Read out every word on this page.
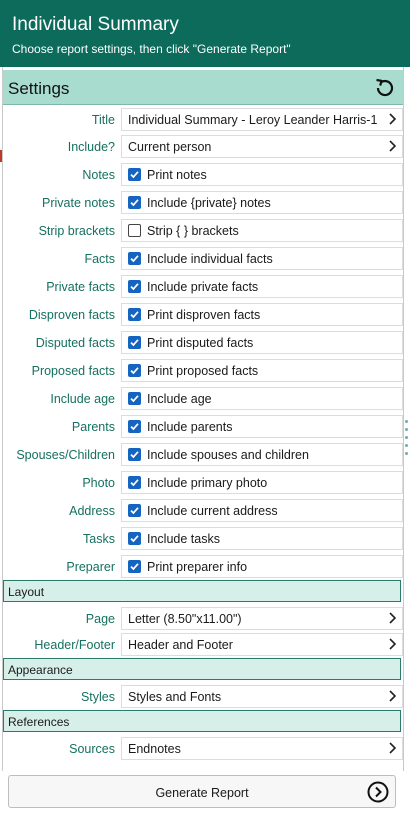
Individual Summary
Choose report settings, then click "Generate Report"
Settings
Title Individual Summary - Leroy Leander Harris-1
Include? Current person
Notes	Print notes
Private notes	Include {private} notes
Strip brackets	Strip { } brackets
Facts	Include individual facts
Private facts	Include private facts
Disproven facts	Print disproven facts
Disputed facts	Print disputed facts
Proposed facts	Print proposed facts
Include age	Include age
Parents	Include parents
Spouses/Children	Include spouses and children
Photo	Include primary photo
Address	Include current address
Tasks	Include tasks
Preparer	Print preparer info
Layout
Page Letter (8.50"x11.00")
Header/Footer Header and Footer
Appearance
Styles Styles and Fonts
References
Sources Endnotes
Generate Report
